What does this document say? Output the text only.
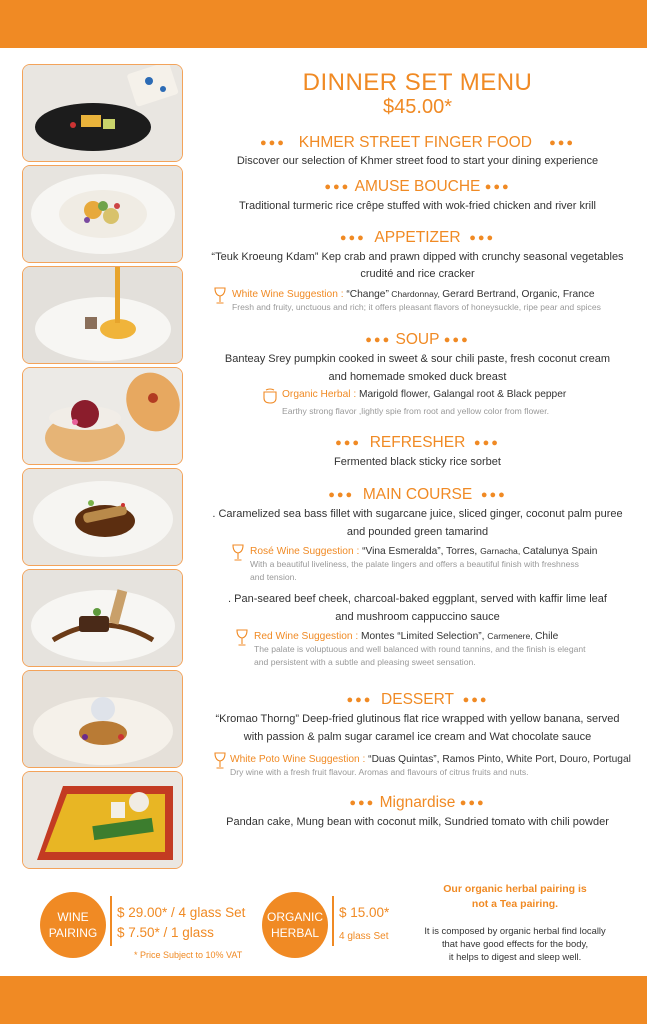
DINNER SET MENU
$45.00*
●●● KHMER STREET FINGER FOOD ●●●
Discover our selection of Khmer street food to start your dining experience
●●● AMUSE BOUCHE ●●●
Traditional turmeric rice crêpe stuffed with wok-fried chicken and river krill
●●● APPETIZER ●●●
“Teuk Kroeung Kdam” Kep crab and prawn dipped with crunchy seasonal vegetables
crudité and rice cracker
White Wine Suggestion : “Change” Chardonnay, Gerard Bertrand, Organic, France
Fresh and fruity, unctuous and rich; it offers pleasant flavors of honeysuckle, ripe pear and spices
●●● SOUP ●●●
Banteay Srey pumpkin cooked in sweet & sour chili paste, fresh coconut cream
and homemade smoked duck breast
Organic Herbal : Marigold flower, Galangal root & Black pepper
Earthy strong flavor ,lightly spie from root and yellow color from flower.
●●● REFRESHER ●●●
Fermented black sticky rice sorbet
●●● MAIN COURSE ●●●
. Caramelized sea bass fillet with sugarcane juice, sliced ginger, coconut palm puree
and pounded green tamarind
Rosé Wine Suggestion : “Vina Esmeralda”, Torres, Garnacha, Catalunya Spain
With a beautiful liveliness, the palate lingers and offers a beautiful finish with freshness
and tension.
. Pan-seared beef cheek, charcoal-baked eggplant, served with kaffir lime leaf
and mushroom cappuccino sauce
Red Wine Suggestion : Montes “Limited Selection”, Carmenere, Chile
The palate is voluptuous and well balanced with round tannins, and the finish is elegant
and persistent with a subtle and pleasing sweet sensation.
●●● DESSERT ●●●
“Kromao Thorng” Deep-fried glutinous flat rice wrapped with yellow banana, served
with passion & palm sugar caramel ice cream and Wat chocolate sauce
White Poto Wine Suggestion : “Duas Quintas”, Ramos Pinto, White Port, Douro, Portugal
Dry wine with a fresh fruit flavour. Aromas and flavours of citrus fruits and nuts.
●●● Mignardise ●●●
Pandan cake, Mung bean with coconut milk, Sundried tomato with chili powder
WINE
PAIRING
$ 29.00* / 4 glass Set
$ 7.50* / 1 glass
* Price Subject to 10% VAT
ORGANIC
HERBAL
$ 15.00*
4 glass Set
Our organic herbal pairing is
not a Tea pairing.
It is composed by organic herbal find locally
that have good effects for the body,
it helps to digest and sleep well.
